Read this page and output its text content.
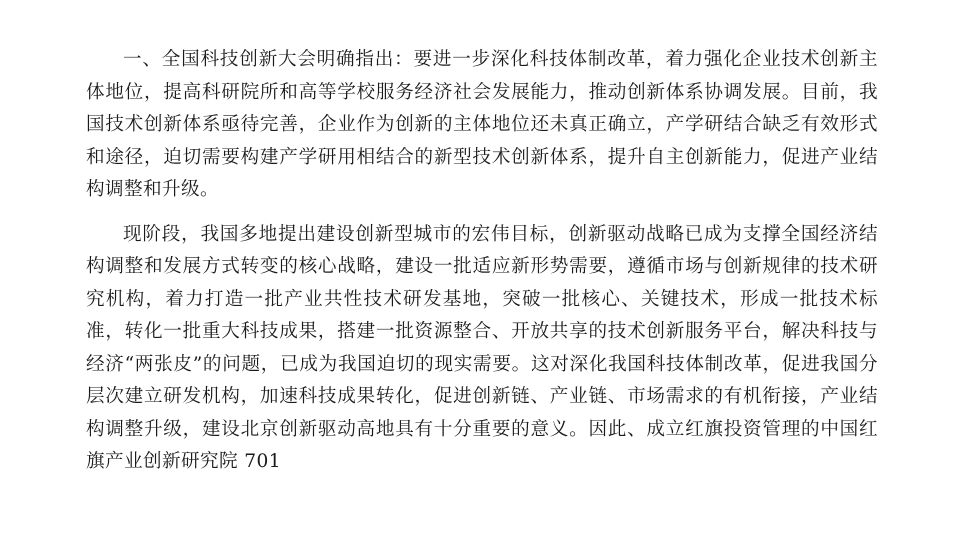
一、全国科技创新大会明确指出：要进一步深化科技体制改革，着力强化企业技术创新主体地位，提高科研院所和高等学校服务经济社会发展能力，推动创新体系协调发展。目前，我国技术创新体系亟待完善，企业作为创新的主体地位还未真正确立，产学研结合缺乏有效形式和途径，迫切需要构建产学研用相结合的新型技术创新体系，提升自主创新能力，促进产业结构调整和升级。

现阶段，我国多地提出建设创新型城市的宏伟目标，创新驱动战略已成为支撑全国经济结构调整和发展方式转变的核心战略，建设一批适应新形势需要，遵循市场与创新规律的技术研究机构，着力打造一批产业共性技术研发基地，突破一批核心、关键技术，形成一批技术标准，转化一批重大科技成果，搭建一批资源整合、开放共享的技术创新服务平台，解决科技与经济“两张皮”的问题，已成为我国迫切的现实需要。这对深化我国科技体制改革，促进我国分层次建立研发机构，加速科技成果转化，促进创新链、产业链、市场需求的有机衔接，产业结构调整升级，建设北京创新驱动高地具有十分重要的意义。因此、成立红旗投资管理的中国红旗产业创新研究院 701
